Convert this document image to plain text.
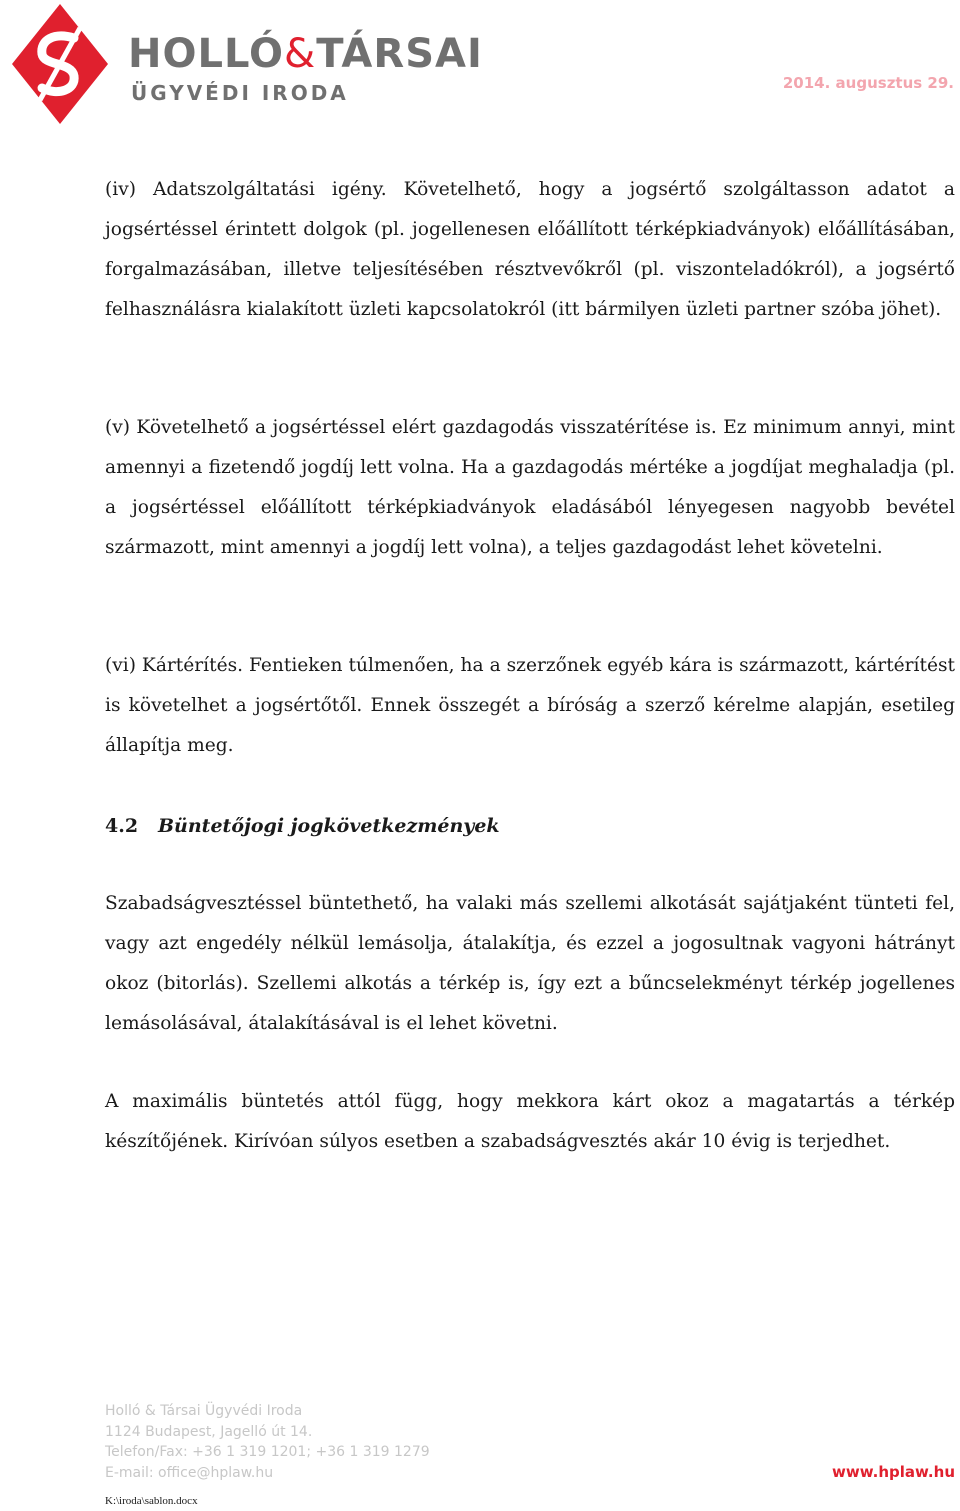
HOLLÓ&TÁRSAI
ÜGYVÉDI IRODA	2014. augusztus 29.

(iv) Adatszolgáltatási igény. Követelhető, hogy a jogsértő szolgáltasson adatot a jogsértéssel érintett dolgok (pl. jogellenesen előállított térképkiadványok) előállításában, forgalmazásában, illetve teljesítésében résztvevőkről (pl. viszonteladókról), a jogsértő felhasználásra kialakított üzleti kapcsolatokról (itt bármilyen üzleti partner szóba jöhet).

(v) Követelhető a jogsértéssel elért gazdagodás visszatérítése is. Ez minimum annyi, mint amennyi a fizetendő jogdíj lett volna. Ha a gazdagodás mértéke a jogdíjat meghaladja (pl. a jogsértéssel előállított térképkiadványok eladásából lényegesen nagyobb bevétel származott, mint amennyi a jogdíj lett volna), a teljes gazdagodást lehet követelni.

(vi) Kártérítés. Fentieken túlmenően, ha a szerzőnek egyéb kára is származott, kártérítést is követelhet a jogsértőtől. Ennek összegét a bíróság a szerző kérelme alapján, esetileg állapítja meg.

4.2 Büntetőjogi jogkövetkezmények

Szabadságvesztéssel büntethető, ha valaki más szellemi alkotását sajátjaként tünteti fel, vagy azt engedély nélkül lemásolja, átalakítja, és ezzel a jogosultnak vagyoni hátrányt okoz (bitorlás). Szellemi alkotás a térkép is, így ezt a bűncselekményt térkép jogellenes lemásolásával, átalakításával is el lehet követni.

A maximális büntetés attól függ, hogy mekkora kárt okoz a magatartás a térkép készítőjének. Kirívóan súlyos esetben a szabadságvesztés akár 10 évig is terjedhet.

Holló & Társai Ügyvédi Iroda
1124 Budapest, Jagelló út 14.
Telefon/Fax: +36 1 319 1201; +36 1 319 1279
E-mail: office@hplaw.hu	www.hplaw.hu
K:\iroda\sablon.docx
